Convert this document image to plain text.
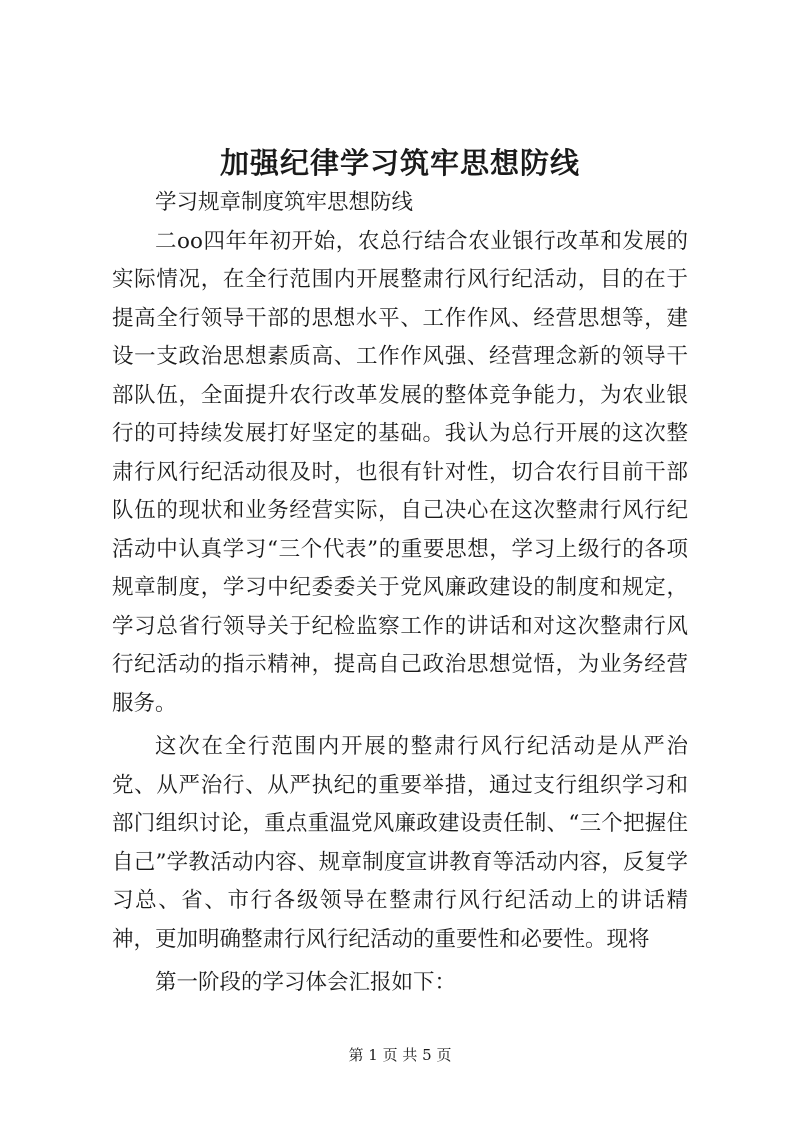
加强纪律学习筑牢思想防线

学习规章制度筑牢思想防线

二oo四年年初开始，农总行结合农业银行改革和发展的实际情况，在全行范围内开展整肃行风行纪活动，目的在于提高全行领导干部的思想水平、工作作风、经营思想等，建设一支政治思想素质高、工作作风强、经营理念新的领导干部队伍，全面提升农行改革发展的整体竞争能力，为农业银行的可持续发展打好坚定的基础。我认为总行开展的这次整肃行风行纪活动很及时，也很有针对性，切合农行目前干部队伍的现状和业务经营实际，自己决心在这次整肃行风行纪活动中认真学习“三个代表”的重要思想，学习上级行的各项规章制度，学习中纪委委关于党风廉政建设的制度和规定，学习总省行领导关于纪检监察工作的讲话和对这次整肃行风行纪活动的指示精神，提高自己政治思想觉悟，为业务经营服务。

这次在全行范围内开展的整肃行风行纪活动是从严治党、从严治行、从严执纪的重要举措，通过支行组织学习和部门组织讨论，重点重温党风廉政建设责任制、“三个把握住自己”学教活动内容、规章制度宣讲教育等活动内容，反复学习总、省、市行各级领导在整肃行风行纪活动上的讲话精神，更加明确整肃行风行纪活动的重要性和必要性。现将

第一阶段的学习体会汇报如下：

第 1 页 共 5 页
